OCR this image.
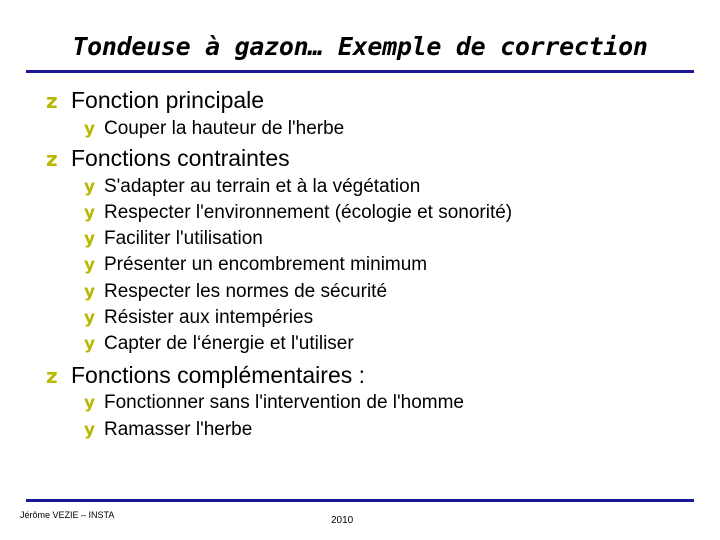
Tondeuse à gazon… Exemple de correction
z Fonction principale
y Couper la hauteur de l'herbe
z Fonctions contraintes
y S'adapter au terrain et à la végétation
y Respecter l'environnement (écologie et sonorité)
y Faciliter l'utilisation
y Présenter un encombrement minimum
y Respecter les normes de sécurité
y Résister aux intempéries
y Capter de l‘énergie et l'utiliser
z Fonctions complémentaires :
y Fonctionner sans l'intervention de l'homme
y Ramasser l'herbe
Jérôme VEZIE – INSTA	2010
